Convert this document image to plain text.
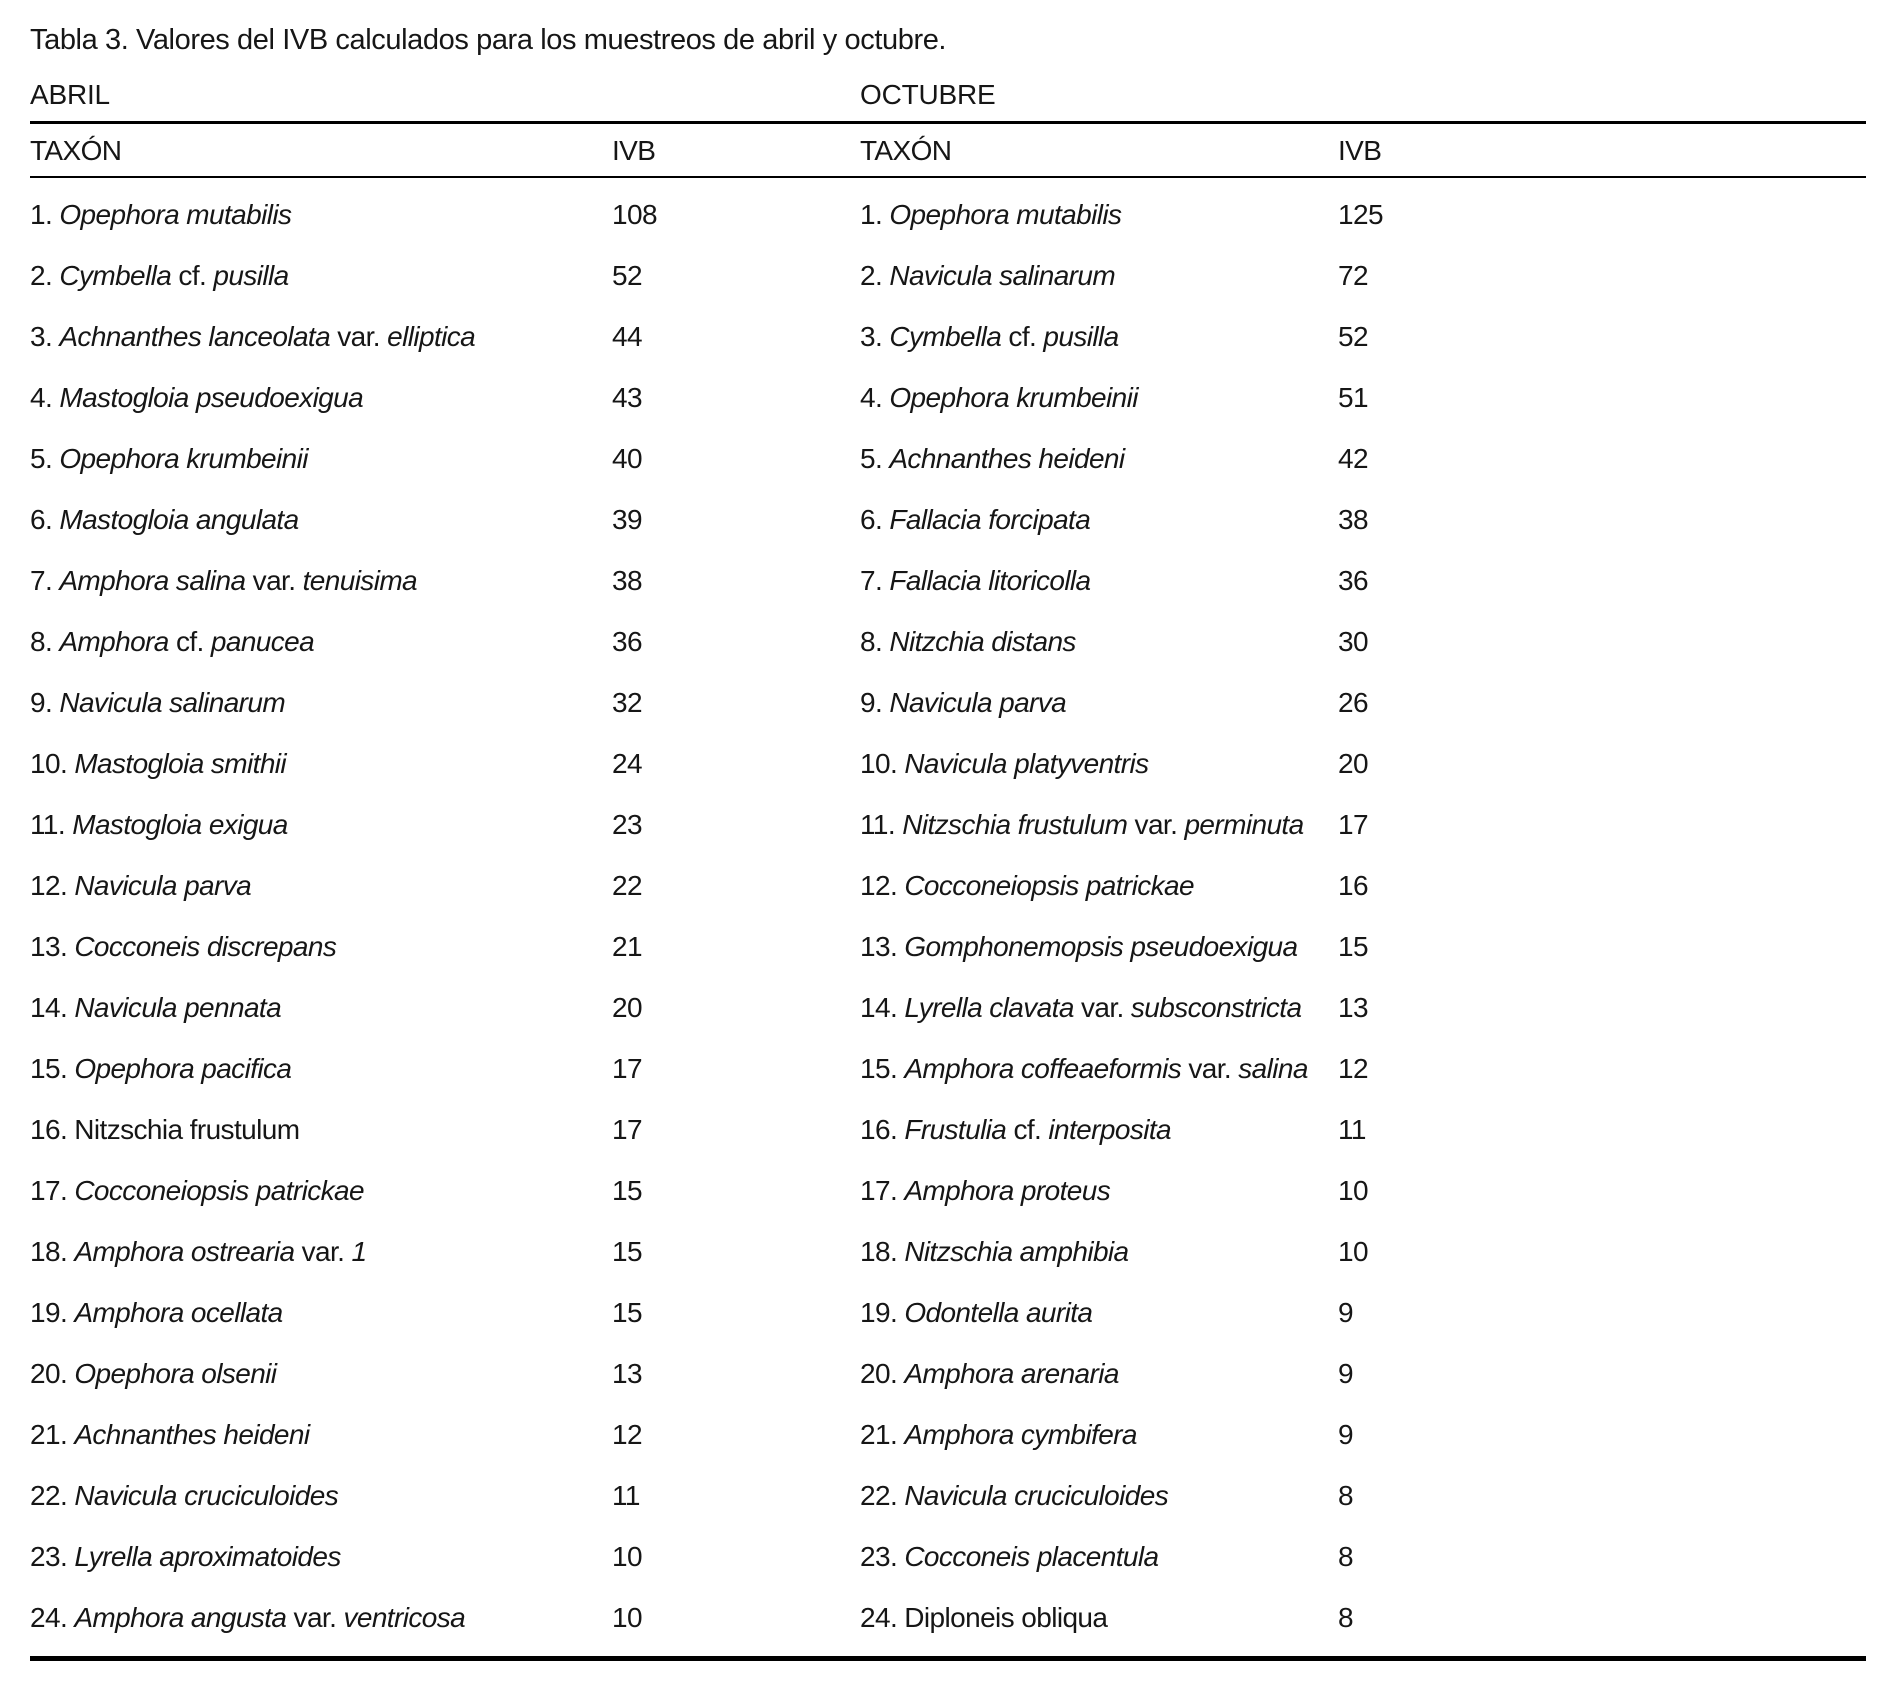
Tabla 3. Valores del IVB calculados para los muestreos de abril y octubre.
ABRIL	OCTUBRE
TAXÓN	IVB	TAXÓN	IVB
1. Opephora mutabilis	108	1. Opephora mutabilis	125
2. Cymbella cf. pusilla	52	2. Navicula salinarum	72
3. Achnanthes lanceolata var. elliptica	44	3. Cymbella cf. pusilla	52
4. Mastogloia pseudoexigua	43	4. Opephora krumbeinii	51
5. Opephora krumbeinii	40	5. Achnanthes heideni	42
6. Mastogloia angulata	39	6. Fallacia forcipata	38
7. Amphora salina var. tenuisima	38	7. Fallacia litoricolla	36
8. Amphora cf. panucea	36	8. Nitzchia distans	30
9. Navicula salinarum	32	9. Navicula parva	26
10. Mastogloia smithii	24	10. Navicula platyventris	20
11. Mastogloia exigua	23	11. Nitzschia frustulum var. perminuta 17
12. Navicula parva	22	12. Cocconeiopsis patrickae	16
13. Cocconeis discrepans	21	13. Gomphonemopsis pseudoexigua 15
14. Navicula pennata	20	14. Lyrella clavata var. subsconstricta 13
15. Opephora pacifica	17	15. Amphora coffeaeformis var. salina 12
16. Nitzschia frustulum	17	16. Frustulia cf. interposita	11
17. Cocconeiopsis patrickae	15	17. Amphora proteus	10
18. Amphora ostrearia var. 1	15	18. Nitzschia amphibia	10
19. Amphora ocellata	15	19. Odontella aurita	9
20. Opephora olsenii	13	20. Amphora arenaria	9
21. Achnanthes heideni	12	21. Amphora cymbifera	9
22. Navicula cruciculoides	11	22. Navicula cruciculoides	8
23. Lyrella aproximatoides	10	23. Cocconeis placentula	8
24. Amphora angusta var. ventricosa	10	24. Diploneis obliqua	8
